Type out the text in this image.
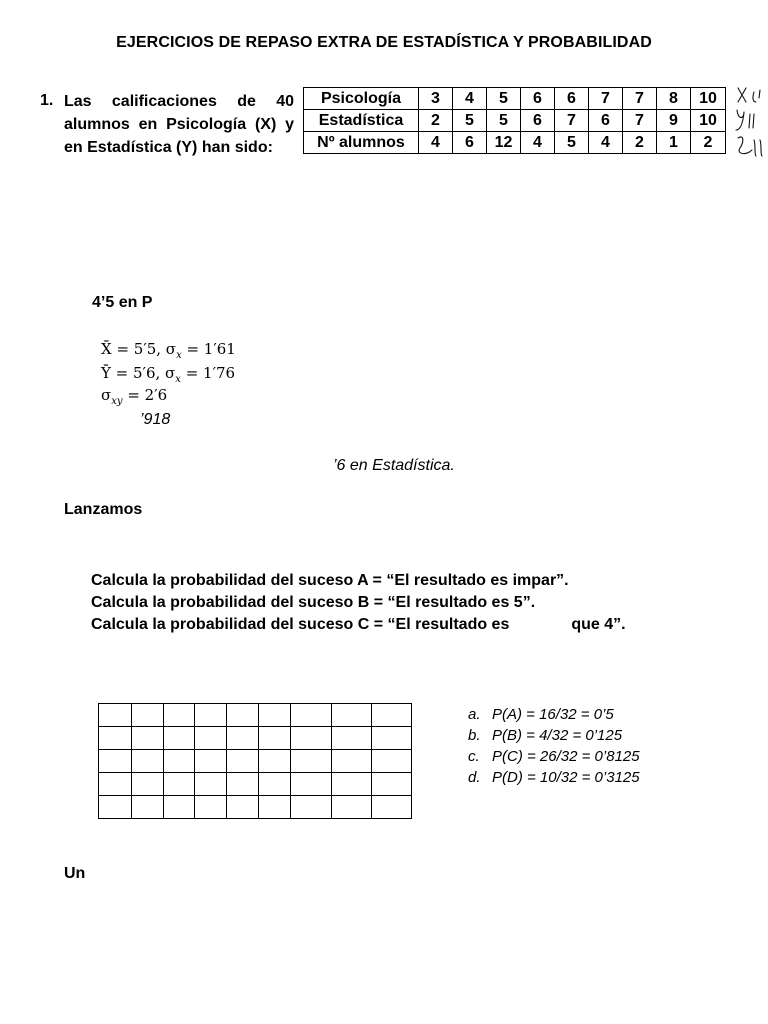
EJERCICIOS DE REPASO EXTRA DE ESTADÍSTICA Y PROBABILIDAD
1. Las calificaciones de 40 alumnos en Psicología (X) y en Estadística (Y) han sido:
Psicología	3	4	5	6	6	7	7	8	10
Estadística	2	5	5	6	7	6	7	9	10
Nº alumnos	4	6	12	4	5	4	2	1	2
4’5 en P
X̄ = 5′5, $\sigma_x = 1'61$
Ȳ = 5′6, $\sigma_x = 1'76$
$\sigma_{xy} = 2'6$
’918
’6 en Estadística.
Lanzamos
Calcula la probabilidad del suceso A = “El resultado es impar”.
Calcula la probabilidad del suceso B = “El resultado es 5”.
Calcula la probabilidad del suceso C = “El resultado es	que 4”.

a. P(A) = 16/32 = 0’5
b. P(B) = 4/32 = 0’125
c. P(C) = 26/32 = 0’8125
d. P(D) = 10/32 = 0’3125
Un
